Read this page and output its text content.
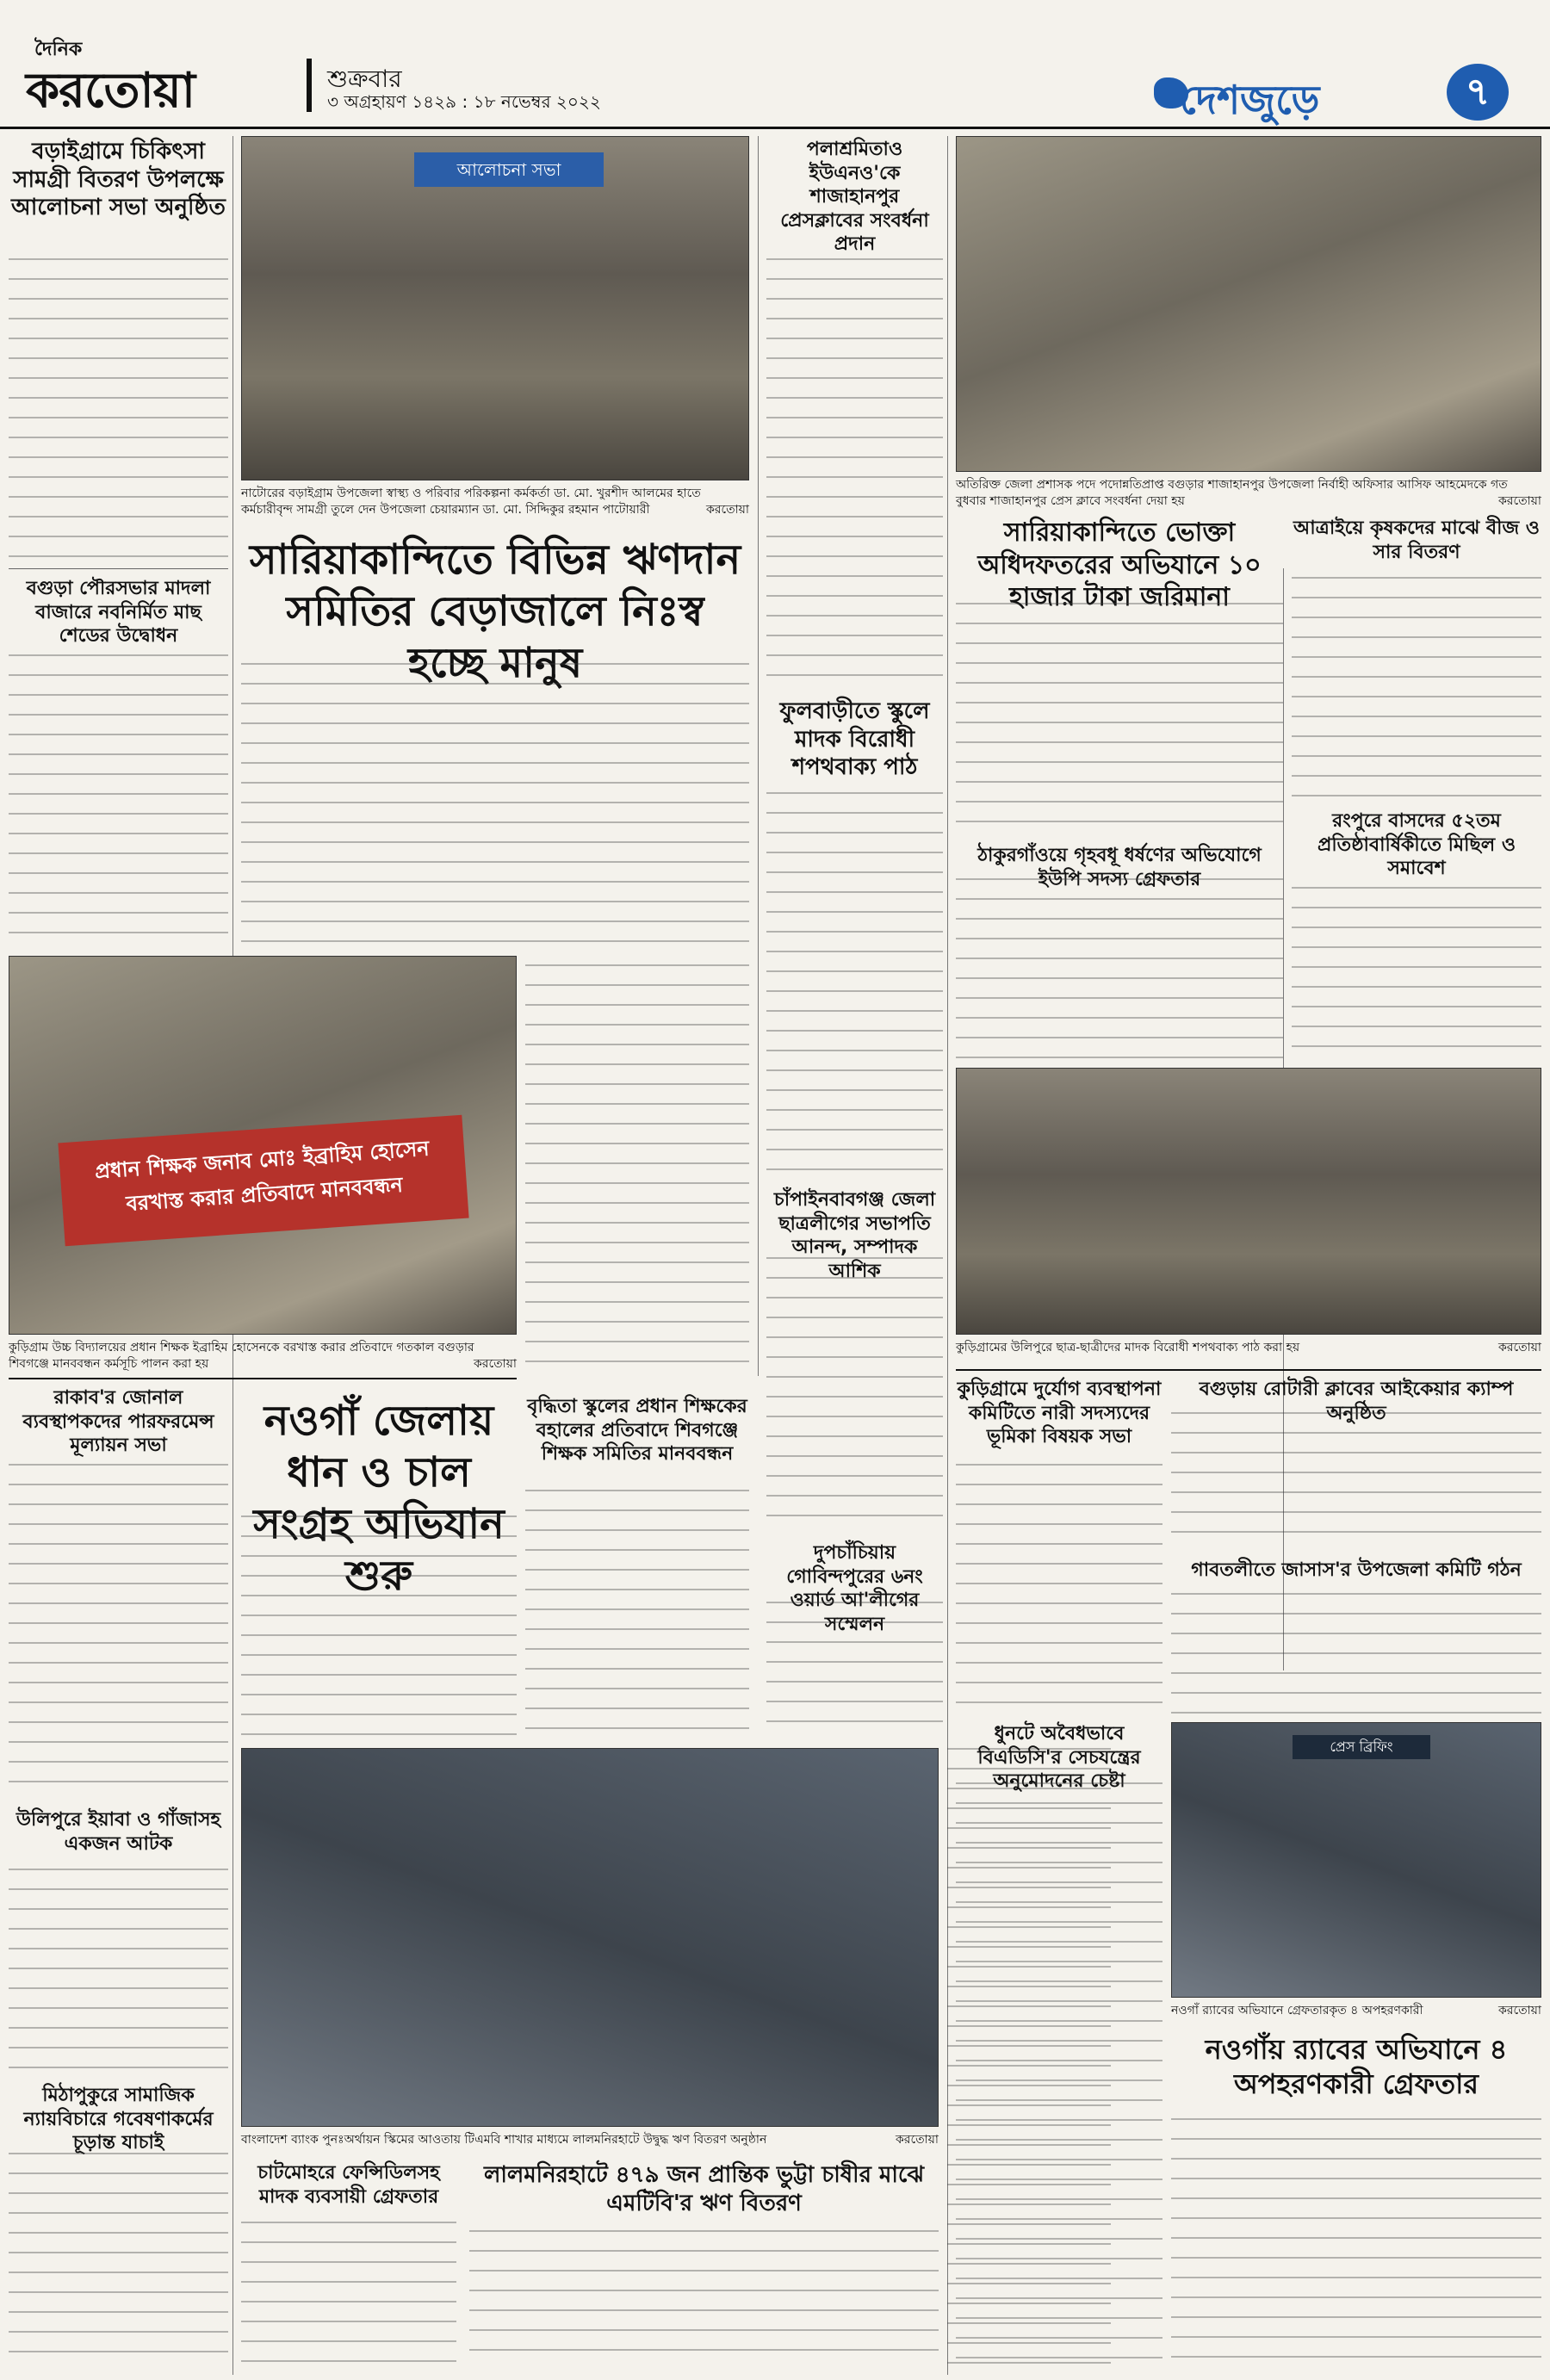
দৈনিক
করতোয়া	শুক্রবার
৩ অগ্রহায়ণ ১৪২৯ : ১৮ নভেম্বর ২০২২	দেশজুড়ে	৭
বড়াইগ্রামে চিকিৎসা সামগ্রী বিতরণ উপলক্ষে আলোচনা সভা অনুষ্ঠিত
বগুড়া পৌরসভার মাদলা বাজারে নবনির্মিত মাছ শেডের উদ্বোধন
প্রধান শিক্ষক জনাব মোঃ ইব্রাহিম হোসেন বরখাস্ত করার প্রতিবাদে মানববন্ধন
কুড়িগ্রাম উচ্চ বিদ্যালয়ের প্রধান শিক্ষক ইব্রাহিম হোসেনকে বরখাস্ত করার প্রতিবাদে গতকাল বগুড়ার শিবগঞ্জে মানববন্ধন কর্মসূচি পালন করা হয়	করতোয়া
রাকাব'র জোনাল ব্যবস্থাপকদের পারফরমেন্স মূল্যায়ন সভা
উলিপুরে ইয়াবা ও গাঁজাসহ একজন আটক
মিঠাপুকুরে সামাজিক ন্যায়বিচারে গবেষণাকর্মের চূড়ান্ত যাচাই
আলোচনা সভা
নাটোরের বড়াইগ্রাম উপজেলা স্বাস্থ্য ও পরিবার পরিকল্পনা কর্মকর্তা ডা. মো. খুরশীদ আলমের হাতে কর্মচারীবৃন্দ সামগ্রী তুলে দেন উপজেলা চেয়ারম্যান ডা. মো. সিদ্দিকুর রহমান পাটোয়ারী	করতোয়া
সারিয়াকান্দিতে বিভিন্ন ঋণদান সমিতির বেড়াজালে নিঃস্ব হচ্ছে মানুষ
বৃদ্ধিতা স্কুলের প্রধান শিক্ষকের বহালের প্রতিবাদে শিবগঞ্জে শিক্ষক সমিতির মানববন্ধন
নওগাঁ জেলায় ধান ও চাল সংগ্রহ অভিযান শুরু
বাংলাদেশ ব্যাংক পুনঃঅর্থায়ন স্কিমের আওতায় টিএমবি শাখার মাধ্যমে লালমনিরহাটে উদ্বুদ্ধ ঋণ বিতরণ অনুষ্ঠান	করতোয়া
চাটমোহরে ফেন্সিডিলসহ মাদক ব্যবসায়ী গ্রেফতার
লালমনিরহাটে ৪৭৯ জন প্রান্তিক ভুট্টা চাষীর মাঝে এমটিবি'র ঋণ বিতরণ
পলাশ্রমিতাও ইউএনও'কে শাজাহানপুর প্রেসক্লাবের সংবর্ধনা প্রদান
ফুলবাড়ীতে স্কুলে মাদক বিরোধী শপথবাক্য পাঠ
চাঁপাইনবাবগঞ্জ জেলা ছাত্রলীগের সভাপতি আনন্দ, সম্পাদক আশিক
দুপচাঁচিয়ায় গোবিন্দপুরের ৬নং ওয়ার্ড আ'লীগের সম্মেলন
অতিরিক্ত জেলা প্রশাসক পদে পদোন্নতিপ্রাপ্ত বগুড়ার শাজাহানপুর উপজেলা নির্বাহী অফিসার আসিফ আহমেদকে গত বুধবার শাজাহানপুর প্রেস ক্লাবে সংবর্ধনা দেয়া হয়	করতোয়া
সারিয়াকান্দিতে ভোক্তা অধিদফতরের অভিযানে ১০ হাজার টাকা জরিমানা
ঠাকুরগাঁওয়ে গৃহবধূ ধর্ষণের অভিযোগে ইউপি সদস্য গ্রেফতার
আত্রাইয়ে কৃষকদের মাঝে বীজ ও সার বিতরণ
রংপুরে বাসদের ৫২তম প্রতিষ্ঠাবার্ষিকীতে মিছিল ও সমাবেশ
কুড়িগ্রামের উলিপুরে ছাত্র-ছাত্রীদের মাদক বিরোধী শপথবাক্য পাঠ করা হয়	করতোয়া
কুড়িগ্রামে দুর্যোগ ব্যবস্থাপনা কমিটিতে নারী সদস্যদের ভূমিকা বিষয়ক সভা
বগুড়ায় রোটারী ক্লাবের আইকেয়ার ক্যাম্প অনুষ্ঠিত
গাবতলীতে জাসাস'র উপজেলা কমিটি গঠন
ধুনটে অবৈধভাবে বিএডিসি'র সেচযন্ত্রের অনুমোদনের চেষ্টা
প্রেস ব্রিফিং
নওগাঁ র‍্যাবের অভিযানে গ্রেফতারকৃত ৪ অপহরণকারী	করতোয়া
নওগাঁয় র‍্যাবের অভিযানে ৪ অপহরণকারী গ্রেফতার
